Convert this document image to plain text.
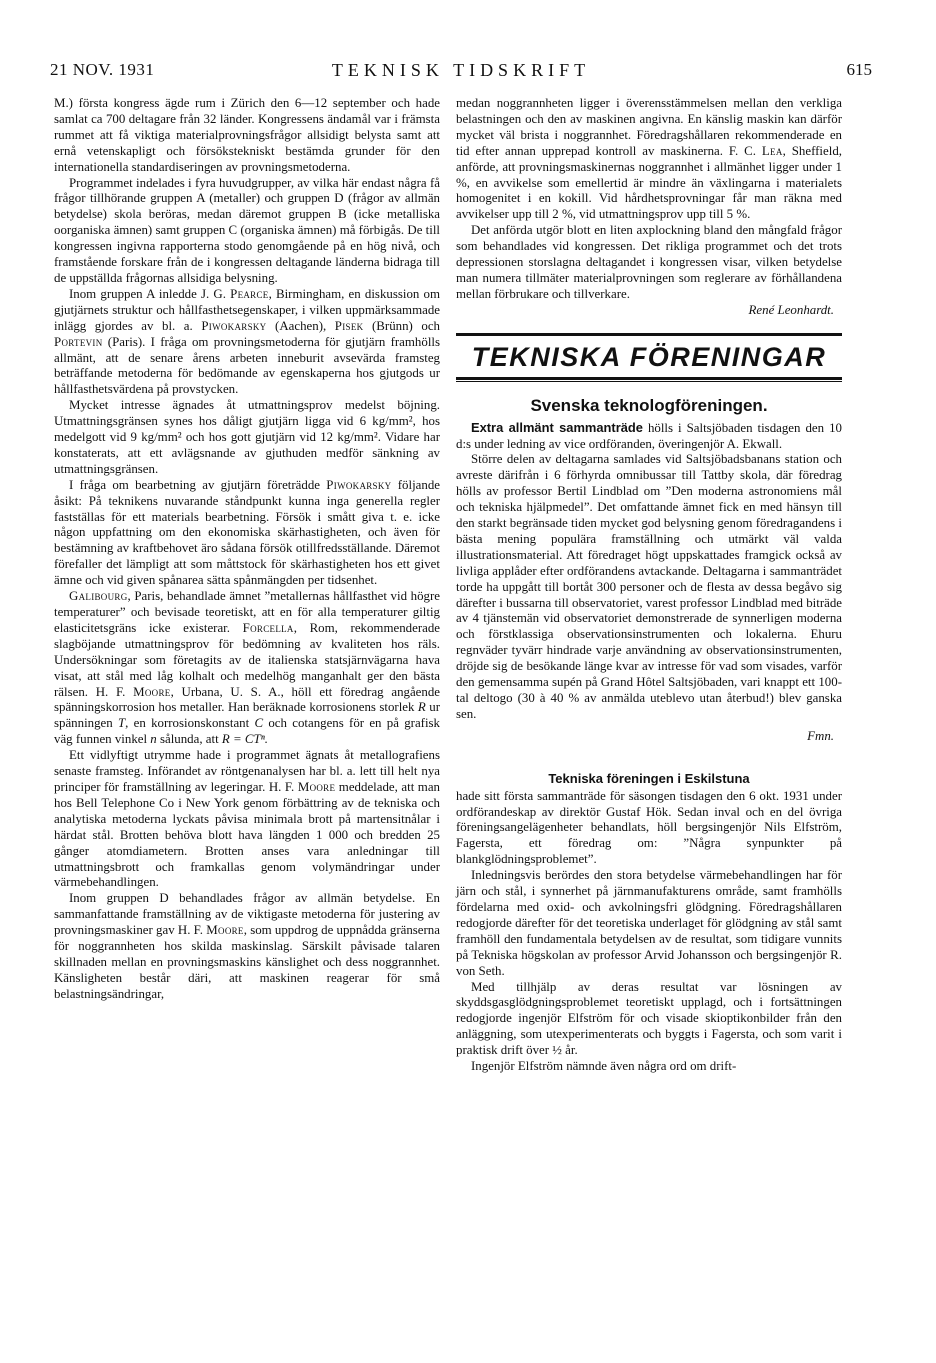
21 NOV. 1931	TEKNISK TIDSKRIFT	615

M.) första kongress ägde rum i Zürich den 6—12 september och hade samlat ca 700 deltagare från 32 länder. Kongressens ändamål var i främsta rummet att få viktiga materialprovningsfrågor allsidigt belysta samt att ernå vetenskapligt och försökstekniskt bestämda grunder för den internationella standardiseringen av provningsmetoderna.

Programmet indelades i fyra huvudgrupper, av vilka här endast några få frågor tillhörande gruppen A (metaller) och gruppen D (frågor av allmän betydelse) skola beröras, medan däremot gruppen B (icke metalliska oorganiska ämnen) samt gruppen C (organiska ämnen) må förbigås. De till kongressen ingivna rapporterna stodo genomgående på en hög nivå, och framstående forskare från de i kongressen deltagande länderna bidraga till de uppställda frågornas allsidiga belysning.

Inom gruppen A inledde J. G. Pearce, Birmingham, en diskussion om gjutjärnets struktur och hållfasthetsegenskaper, i vilken uppmärksammade inlägg gjordes av bl. a. Piwokarsky (Aachen), Pisek (Brünn) och Portevin (Paris). I fråga om provningsmetoderna för gjutjärn framhölls allmänt, att de senare årens arbeten inneburit avsevärda framsteg beträffande metoderna för bedömande av egenskaperna hos gjutgods ur hållfasthetsvärdena på provstycken.

Mycket intresse ägnades åt utmattningsprov medelst böjning. Utmattningsgränsen synes hos dåligt gjutjärn ligga vid 6 kg/mm², hos medelgott vid 9 kg/mm² och hos gott gjutjärn vid 12 kg/mm². Vidare har konstaterats, att ett avlägsnande av gjuthuden medför sänkning av utmattningsgränsen.

I fråga om bearbetning av gjutjärn företrädde Piwokarsky följande åsikt: På teknikens nuvarande ståndpunkt kunna inga generella regler fastställas för ett materials bearbetning. Försök i smått giva t. e. icke någon uppfattning om den ekonomiska skärhastigheten, och även för bestämning av kraftbehovet äro sådana försök otillfredsställande. Däremot förefaller det lämpligt att som måttstock för skärhastigheten hos ett givet ämne och vid given spånarea sätta spånmängden per tidsenhet.

Galibourg, Paris, behandlade ämnet ”metallernas hållfasthet vid högre temperaturer” och bevisade teoretiskt, att en för alla temperaturer giltig elasticitetsgräns icke existerar. Forcella, Rom, rekommenderade slagböjande utmattningsprov för bedömning av kvaliteten hos räls. Undersökningar som företagits av de italienska statsjärnvägarna hava visat, att stål med låg kolhalt och medelhög manganhalt ger den bästa rälsen. H. F. Moore, Urbana, U. S. A., höll ett föredrag angående spänningskorrosion hos metaller. Han beräknade korrosionens storlek R ur spänningen T, en korrosionskonstant C och cotangens för en på grafisk väg funnen vinkel n sålunda, att R = CTⁿ.

Ett vidlyftigt utrymme hade i programmet ägnats åt metallografiens senaste framsteg. Införandet av röntgenanalysen har bl. a. lett till helt nya principer för framställning av legeringar. H. F. Moore meddelade, att man hos Bell Telephone Co i New York genom förbättring av de tekniska och analytiska metoderna lyckats påvisa minimala brott på martensitnålar i härdat stål. Brotten behöva blott hava längden 1 000 och bredden 25 gånger atomdiametern. Brotten anses vara anledningar till utmattningsbrott och framkallas genom volymändringar under värmebehandlingen.

Inom gruppen D behandlades frågor av allmän betydelse. En sammanfattande framställning av de viktigaste metoderna för justering av provningsmaskiner gav H. F. Moore, som uppdrog de uppnådda gränserna för noggrannheten hos skilda maskinslag. Särskilt påvisade talaren skillnaden mellan en provningsmaskins känslighet och dess noggrannhet. Känsligheten består däri, att maskinen reagerar för små belastningsändringar,

medan noggrannheten ligger i överensstämmelsen mellan den verkliga belastningen och den av maskinen angivna. En känslig maskin kan därför mycket väl brista i noggrannhet. Föredragshållaren rekommenderade en tid efter annan upprepad kontroll av maskinerna. F. C. Lea, Sheffield, anförde, att provningsmaskinernas noggrannhet i allmänhet ligger under 1 %, en avvikelse som emellertid är mindre än växlingarna i materialets homogenitet i en kokill. Vid hårdhetsprovningar får man räkna med avvikelser upp till 2 %, vid utmattningsprov upp till 5 %.

Det anförda utgör blott en liten axplockning bland den mångfald frågor som behandlades vid kongressen. Det rikliga programmet och det trots depressionen storslagna deltagandet i kongressen visar, vilken betydelse man numera tillmäter materialprovningen som reglerare av förhållandena mellan förbrukare och tillverkare.

René Leonhardt.

TEKNISKA FÖRENINGAR
Svenska teknologföreningen.

Extra allmänt sammanträde hölls i Saltsjöbaden tisdagen den 10 d:s under ledning av vice ordföranden, överingenjör A. Ekwall.

Större delen av deltagarna samlades vid Saltsjöbadsbanans station och avreste därifrån i 6 förhyrda omnibussar till Tattby skola, där föredrag hölls av professor Bertil Lindblad om ”Den moderna astronomiens mål och tekniska hjälpmedel”. Det omfattande ämnet fick en med hänsyn till den starkt begränsade tiden mycket god belysning genom föredragandens i bästa mening populära framställning och utmärkt väl valda illustrationsmaterial. Att föredraget högt uppskattades framgick också av livliga applåder efter ordförandens avtackande. Deltagarna i sammanträdet torde ha uppgått till bortåt 300 personer och de flesta av dessa begåvo sig därefter i bussarna till observatoriet, varest professor Lindblad med biträde av 4 tjänstemän vid observatoriet demonstrerade de synnerligen moderna och förstklassiga observationsinstrumenten och lokalerna. Ehuru regnväder tyvärr hindrade varje användning av observationsinstrumenten, dröjde sig de besökande länge kvar av intresse för vad som visades, varför den gemensamma supén på Grand Hôtel Saltsjöbaden, vari knappt ett 100-tal deltogo (30 à 40 % av anmälda uteblevo utan återbud!) blev ganska sen.

Fmn.

Tekniska föreningen i Eskilstuna

hade sitt första sammanträde för säsongen tisdagen den 6 okt. 1931 under ordförandeskap av direktör Gustaf Hök. Sedan inval och en del övriga föreningsangelägenheter behandlats, höll bergsingenjör Nils Elfström, Fagersta, ett föredrag om: ”Några synpunkter på blankglödningsproblemet”.

Inledningsvis berördes den stora betydelse värmebehandlingen har för järn och stål, i synnerhet på järnmanufakturens område, samt framhölls fördelarna med oxid- och avkolningsfri glödgning. Föredragshållaren redogjorde därefter för det teoretiska underlaget för glödgning av stål samt framhöll den fundamentala betydelsen av de resultat, som tidigare vunnits på Tekniska högskolan av professor Arvid Johansson och bergsingenjör R. von Seth.

Med tillhjälp av deras resultat var lösningen av skyddsgasglödgningsproblemet teoretiskt upplagd, och i fortsättningen redogjorde ingenjör Elfström för och visade skioptikonbilder från den anläggning, som utexperimenterats och byggts i Fagersta, och som varit i praktisk drift över ½ år.

Ingenjör Elfström nämnde även några ord om drift-
